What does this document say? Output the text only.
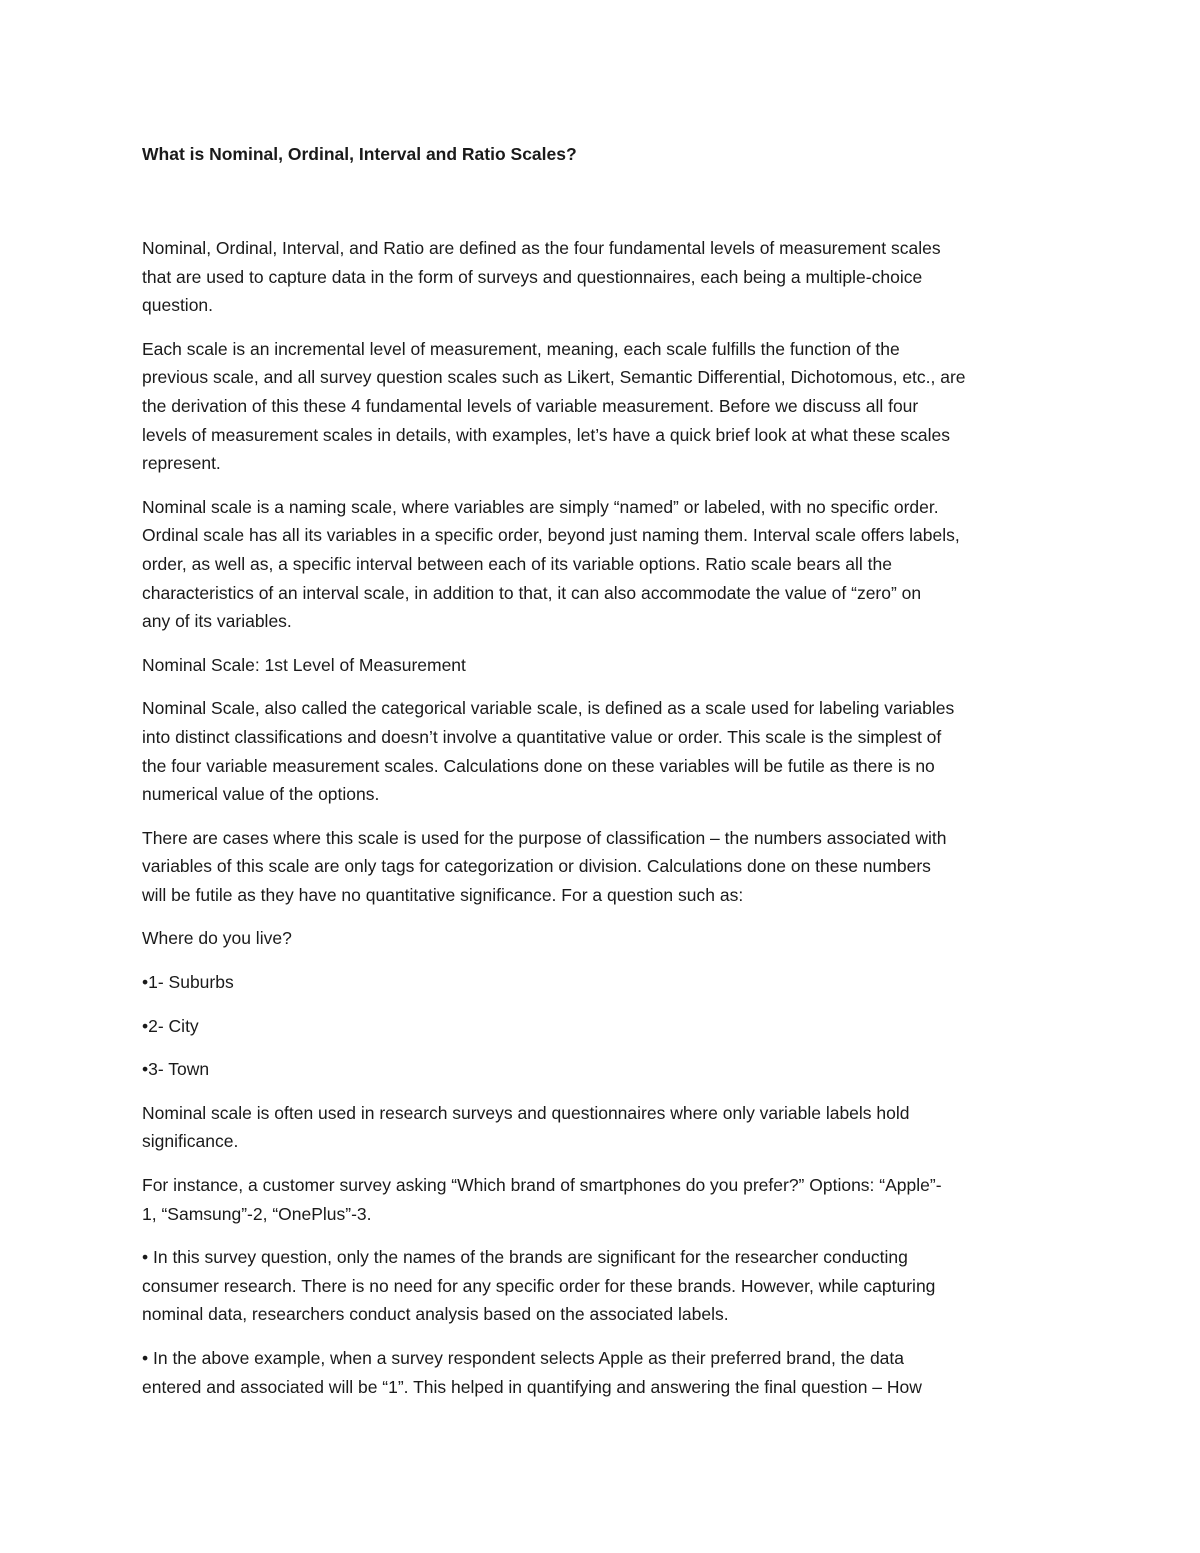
What is Nominal, Ordinal, Interval and Ratio Scales?
Nominal, Ordinal, Interval, and Ratio are defined as the four fundamental levels of measurement scales
that are used to capture data in the form of surveys and questionnaires, each being a multiple-choice
question.
Each scale is an incremental level of measurement, meaning, each scale fulfills the function of the
previous scale, and all survey question scales such as Likert, Semantic Differential, Dichotomous, etc., are
the derivation of this these 4 fundamental levels of variable measurement. Before we discuss all four
levels of measurement scales in details, with examples, let’s have a quick brief look at what these scales
represent.
Nominal scale is a naming scale, where variables are simply “named” or labeled, with no specific order.
Ordinal scale has all its variables in a specific order, beyond just naming them. Interval scale offers labels,
order, as well as, a specific interval between each of its variable options. Ratio scale bears all the
characteristics of an interval scale, in addition to that, it can also accommodate the value of “zero” on
any of its variables.
Nominal Scale: 1st Level of Measurement
Nominal Scale, also called the categorical variable scale, is defined as a scale used for labeling variables
into distinct classifications and doesn’t involve a quantitative value or order. This scale is the simplest of
the four variable measurement scales. Calculations done on these variables will be futile as there is no
numerical value of the options.
There are cases where this scale is used for the purpose of classification – the numbers associated with
variables of this scale are only tags for categorization or division. Calculations done on these numbers
will be futile as they have no quantitative significance. For a question such as:
Where do you live?
•1- Suburbs
•2- City
•3- Town
Nominal scale is often used in research surveys and questionnaires where only variable labels hold
significance.
For instance, a customer survey asking “Which brand of smartphones do you prefer?” Options: “Apple”-
1, “Samsung”-2, “OnePlus”-3.
• In this survey question, only the names of the brands are significant for the researcher conducting
consumer research. There is no need for any specific order for these brands. However, while capturing
nominal data, researchers conduct analysis based on the associated labels.
• In the above example, when a survey respondent selects Apple as their preferred brand, the data
entered and associated will be “1”. This helped in quantifying and answering the final question – How
